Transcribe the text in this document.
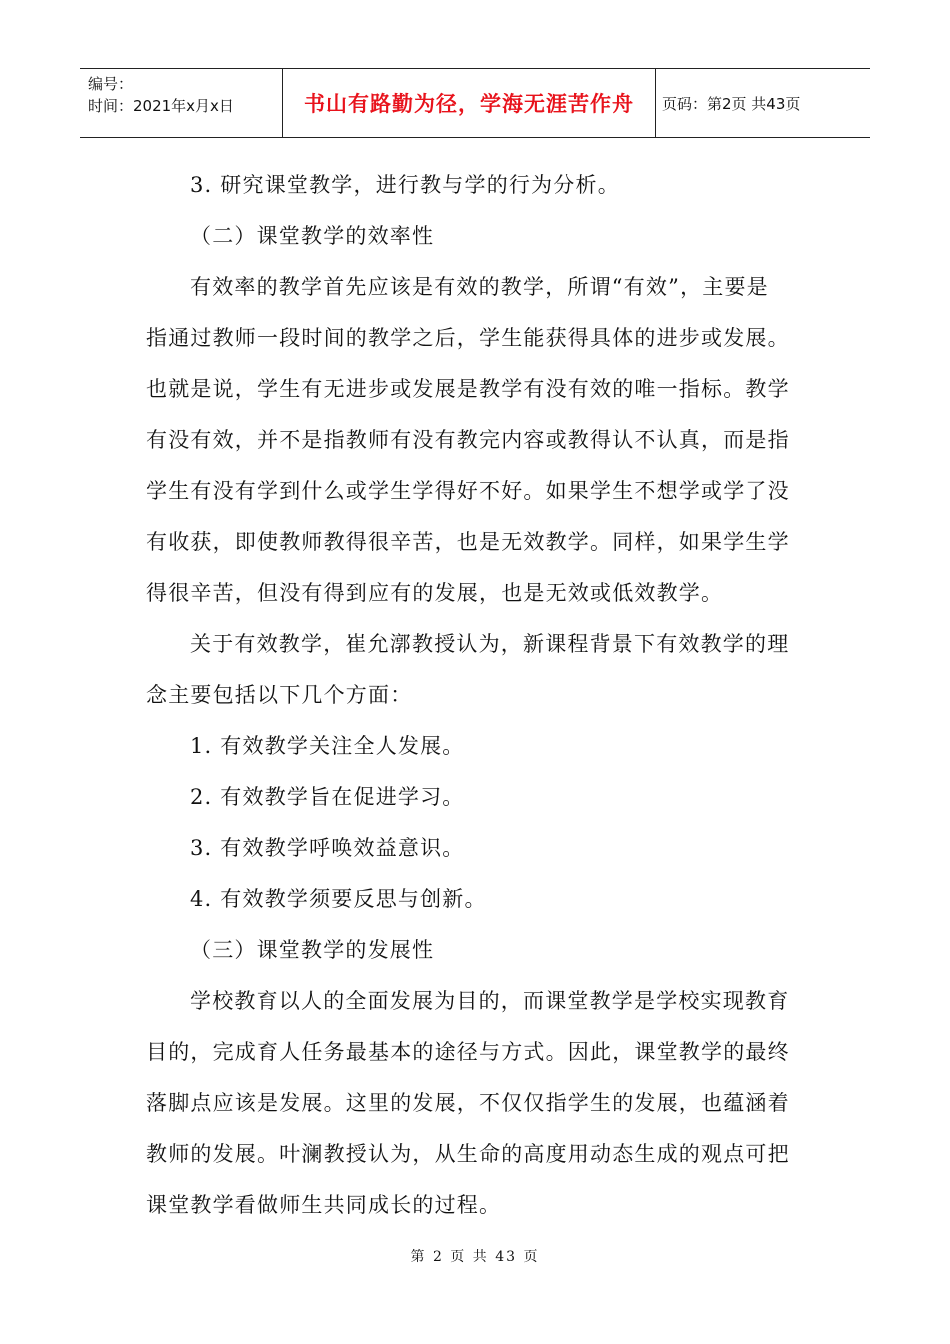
编号：
时间：2021年x月x日	书山有路勤为径，学海无涯苦作舟 页码：第2页 共43页
3. 研究课堂教学，进行教与学的行为分析。
（二）课堂教学的效率性
有效率的教学首先应该是有效的教学，所谓“有效”，主要是
指通过教师一段时间的教学之后，学生能获得具体的进步或发展。
也就是说，学生有无进步或发展是教学有没有效的唯一指标。教学
有没有效，并不是指教师有没有教完内容或教得认不认真，而是指
学生有没有学到什么或学生学得好不好。如果学生不想学或学了没
有收获，即使教师教得很辛苦，也是无效教学。同样，如果学生学
得很辛苦，但没有得到应有的发展，也是无效或低效教学。
关于有效教学，崔允漷教授认为，新课程背景下有效教学的理
念主要包括以下几个方面：
1. 有效教学关注全人发展。
2. 有效教学旨在促进学习。
3. 有效教学呼唤效益意识。
4. 有效教学须要反思与创新。
（三）课堂教学的发展性
学校教育以人的全面发展为目的，而课堂教学是学校实现教育
目的，完成育人任务最基本的途径与方式。因此，课堂教学的最终
落脚点应该是发展。这里的发展，不仅仅指学生的发展，也蕴涵着
教师的发展。叶澜教授认为，从生命的高度用动态生成的观点可把
课堂教学看做师生共同成长的过程。
第 2 页 共 43 页
